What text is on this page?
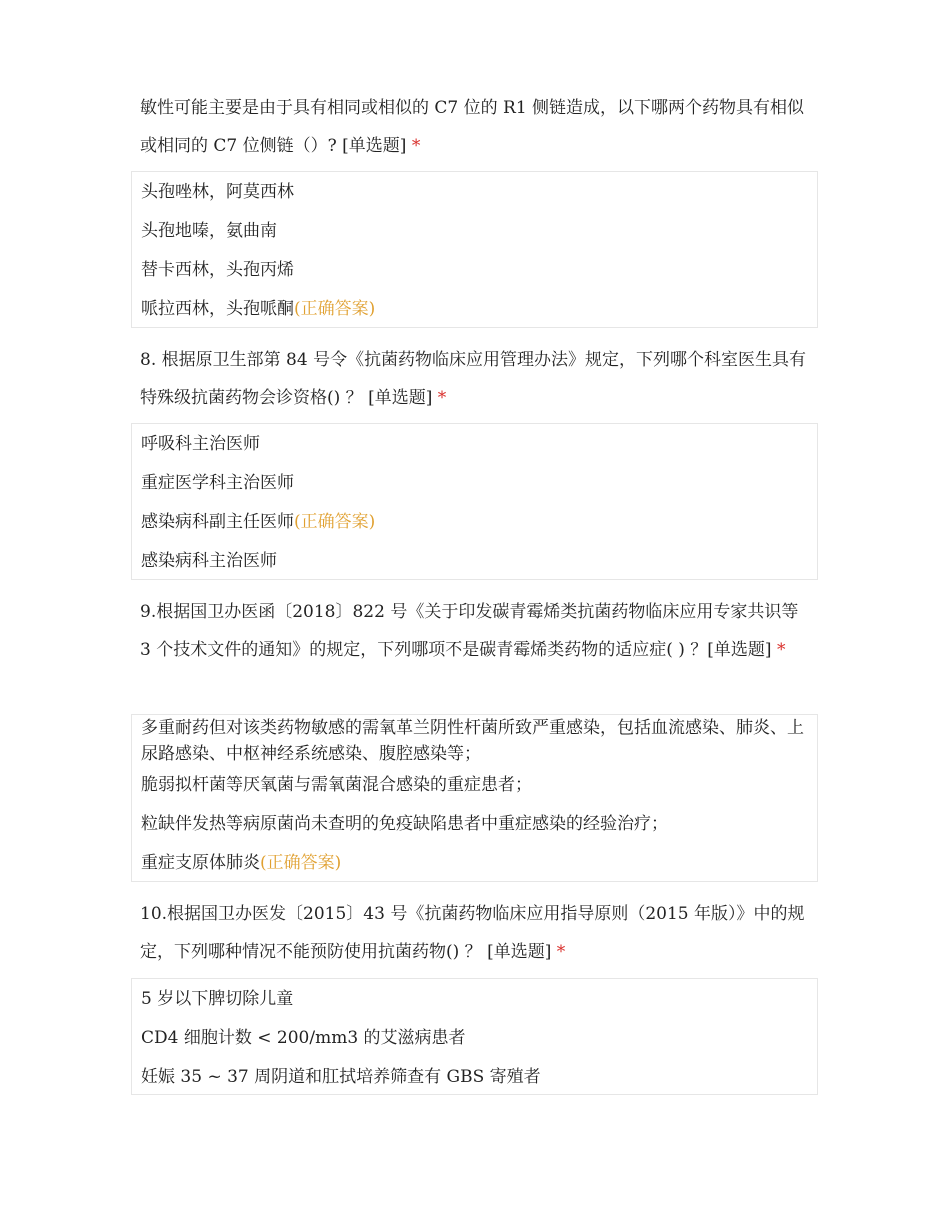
敏性可能主要是由于具有相同或相似的 C7 位的 R1 侧链造成，以下哪两个药物具有相似或相同的 C7 位侧链（）? [单选题] *

头孢唑林，阿莫西林
头孢地嗪，氨曲南
替卡西林，头孢丙烯
哌拉西林，头孢哌酮(正确答案)

8. 根据原卫生部第 84 号令《抗菌药物临床应用管理办法》规定，下列哪个科室医生具有特殊级抗菌药物会诊资格() ？ [单选题] *

呼吸科主治医师
重症医学科主治医师
感染病科副主任医师(正确答案)
感染病科主治医师

9.根据国卫办医函〔2018〕822 号《关于印发碳青霉烯类抗菌药物临床应用专家共识等 3 个技术文件的通知》的规定，下列哪项不是碳青霉烯类药物的适应症( ) ？[单选题] *

多重耐药但对该类药物敏感的需氧革兰阴性杆菌所致严重感染，包括血流感染、肺炎、上尿路感染、中枢神经系统感染、腹腔感染等；
脆弱拟杆菌等厌氧菌与需氧菌混合感染的重症患者；
粒缺伴发热等病原菌尚未查明的免疫缺陷患者中重症感染的经验治疗；
重症支原体肺炎(正确答案)

10.根据国卫办医发〔2015〕43 号《抗菌药物临床应用指导原则（2015 年版）》中的规定，下列哪种情况不能预防使用抗菌药物() ？ [单选题] *

5 岁以下脾切除儿童
CD4 细胞计数 < 200/mm3 的艾滋病患者
妊娠 35 ~ 37 周阴道和肛拭培养筛查有 GBS 寄殖者
